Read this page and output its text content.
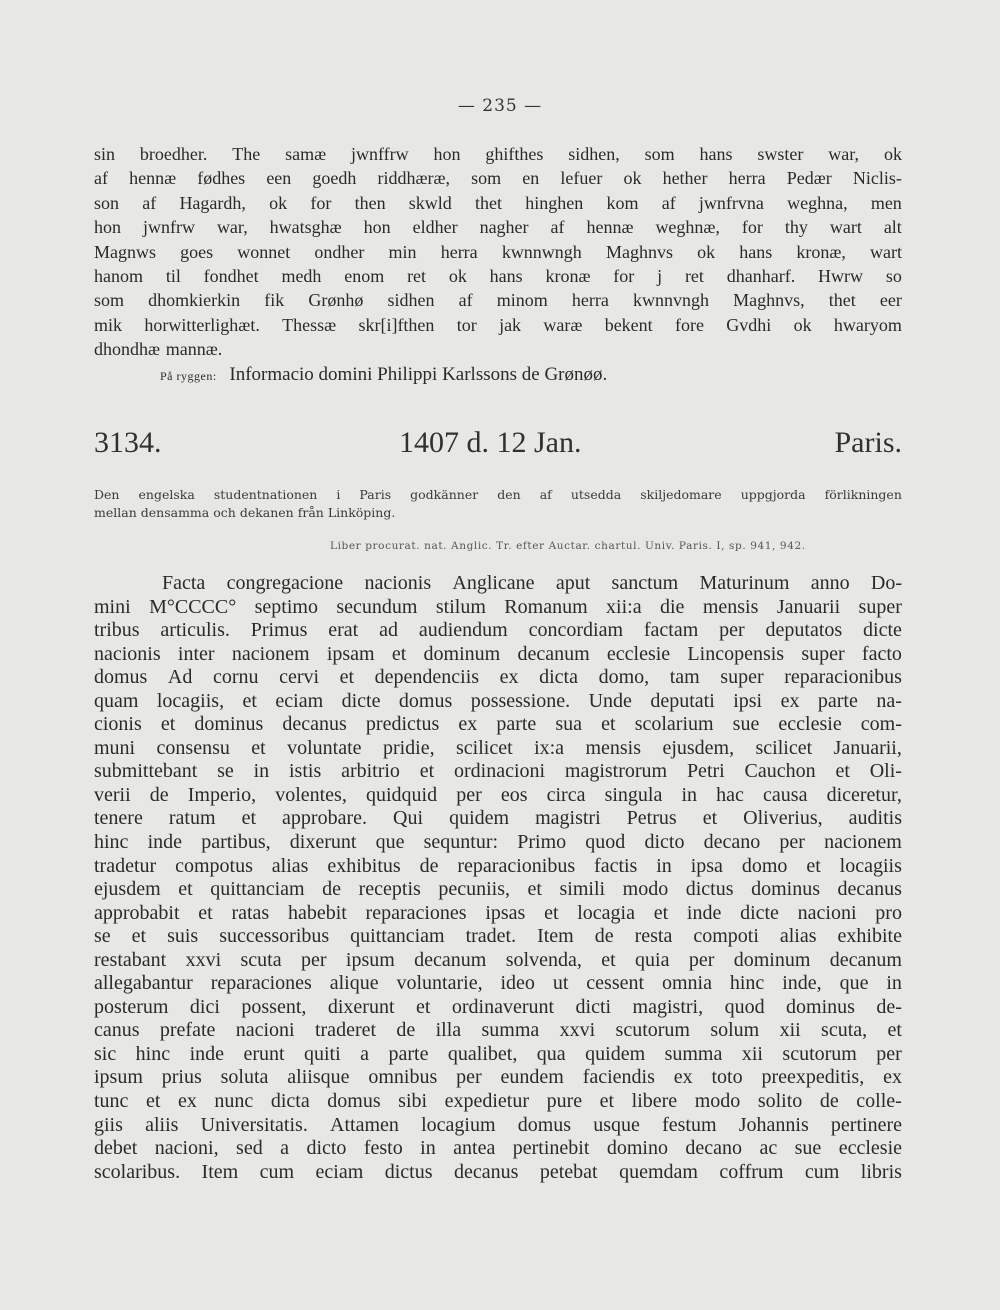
— 235 —
sin broedher. The samæ jwnffrw hon ghifthes sidhen, som hans swster war, ok
af hennæ fødhes een goedh riddhæræ, som en lefuer ok hether herra Pedær Niclis-
son af Hagardh, ok for then skwld thet hinghen kom af jwnfrvna weghna, men
hon jwnfrw war, hwatsghæ hon eldher nagher af hennæ weghnæ, for thy wart alt
Magnws goes wonnet ondher min herra kwnnwngh Maghnvs ok hans kronæ, wart
hanom til fondhet medh enom ret ok hans kronæ for j ret dhanharf. Hwrw so
som dhomkierkin fik Grønhø sidhen af minom herra kwnnvngh Maghnvs, thet eer
mik horwitterlighæt. Thessæ skr[i]fthen tor jak waræ bekent fore Gvdhi ok hwaryom
dhondhæ mannæ.
På ryggen: Informacio domini Philippi Karlssons de Grønøø.
3134.	1407 d. 12 Jan.	Paris.
Den engelska studentnationen i Paris godkänner den af utsedda skiljedomare uppgjorda förlikningen
mellan densamma och dekanen från Linköping.
Liber procurat. nat. Anglic. Tr. efter Auctar. chartul. Univ. Paris. I, sp. 941, 942.
Facta congregacione nacionis Anglicane aput sanctum Maturinum anno Do-
mini M°CCCC° septimo secundum stilum Romanum xii:a die mensis Januarii super
tribus articulis. Primus erat ad audiendum concordiam factam per deputatos dicte
nacionis inter nacionem ipsam et dominum decanum ecclesie Lincopensis super facto
domus Ad cornu cervi et dependenciis ex dicta domo, tam super reparacionibus
quam locagiis, et eciam dicte domus possessione. Unde deputati ipsi ex parte na-
cionis et dominus decanus predictus ex parte sua et scolarium sue ecclesie com-
muni consensu et voluntate pridie, scilicet ix:a mensis ejusdem, scilicet Januarii,
submittebant se in istis arbitrio et ordinacioni magistrorum Petri Cauchon et Oli-
verii de Imperio, volentes, quidquid per eos circa singula in hac causa diceretur,
tenere ratum et approbare. Qui quidem magistri Petrus et Oliverius, auditis
hinc inde partibus, dixerunt que sequntur: Primo quod dicto decano per nacionem
tradetur compotus alias exhibitus de reparacionibus factis in ipsa domo et locagiis
ejusdem et quittanciam de receptis pecuniis, et simili modo dictus dominus decanus
approbabit et ratas habebit reparaciones ipsas et locagia et inde dicte nacioni pro
se et suis successoribus quittanciam tradet. Item de resta compoti alias exhibite
restabant xxvi scuta per ipsum decanum solvenda, et quia per dominum decanum
allegabantur reparaciones alique voluntarie, ideo ut cessent omnia hinc inde, que in
posterum dici possent, dixerunt et ordinaverunt dicti magistri, quod dominus de-
canus prefate nacioni traderet de illa summa xxvi scutorum solum xii scuta, et
sic hinc inde erunt quiti a parte qualibet, qua quidem summa xii scutorum per
ipsum prius soluta aliisque omnibus per eundem faciendis ex toto preexpeditis, ex
tunc et ex nunc dicta domus sibi expedietur pure et libere modo solito de colle-
giis aliis Universitatis. Attamen locagium domus usque festum Johannis pertinere
debet nacioni, sed a dicto festo in antea pertinebit domino decano ac sue ecclesie
scolaribus. Item cum eciam dictus decanus petebat quemdam coffrum cum libris
